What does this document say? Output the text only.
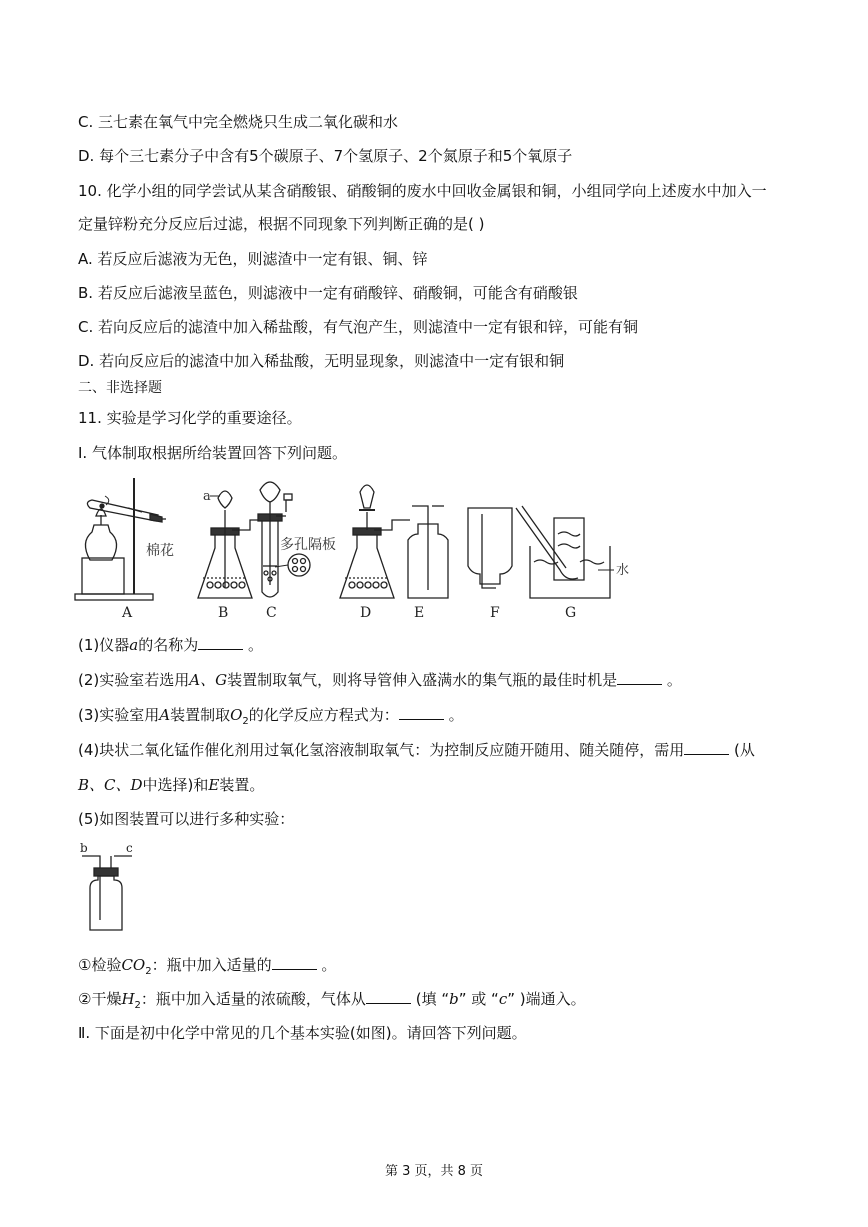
C. 三七素在氧气中完全燃烧只生成二氧化碳和水
D. 每个三七素分子中含有5个碳原子、7个氢原子、2个氮原子和5个氧原子
10. 化学小组的同学尝试从某含硝酸银、硝酸铜的废水中回收金属银和铜，小组同学向上述废水中加入一
定量锌粉充分反应后过滤，根据不同现象下列判断正确的是( )
A. 若反应后滤液为无色，则滤渣中一定有银、铜、锌
B. 若反应后滤液呈蓝色，则滤液中一定有硝酸锌、硝酸铜，可能含有硝酸银
C. 若向反应后的滤渣中加入稀盐酸，有气泡产生，则滤渣中一定有银和锌，可能有铜
D. 若向反应后的滤渣中加入稀盐酸，无明显现象，则滤渣中一定有银和铜
二、非选择题
11. 实验是学习化学的重要途径。
Ⅰ. 气体制取根据所给装置回答下列问题。
棉花
a
多孔隔板
水
A	B	C	D	E	F	G
(1)仪器a的名称为	。
(2)实验室若选用A、G装置制取氧气，则将导管伸入盛满水的集气瓶的最佳时机是	。
(3)实验室用A装置制取$O_2$的化学反应方程式为：	。
(4)块状二氧化锰作催化剂用过氧化氢溶液制取氧气：为控制反应随开随用、随关随停，需用	(从
B、C、D中选择)和E装置。
(5)如图装置可以进行多种实验：
b	c
①检验$CO_2$：瓶中加入适量的	。
②干燥$H_2$：瓶中加入适量的浓硫酸，气体从	(填 “b” 或 “c” )端通入。
Ⅱ. 下面是初中化学中常见的几个基本实验(如图)。请回答下列问题。
第 3 页，共 8 页
